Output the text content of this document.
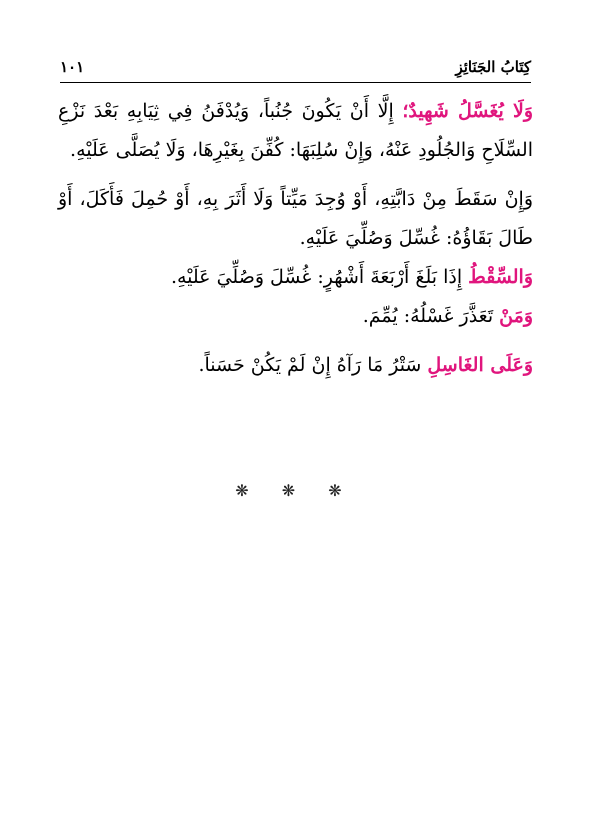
كِتَابُ الجَنَائِزِ
١٠١

وَلَا يُغَسَّلُ شَهِيدٌ؛ إِلَّا أَنْ يَكُونَ جُنُباً، وَيُدْفَنُ فِي ثِيَابِهِ بَعْدَ نَزْعِ السِّلَاحِ وَالجُلُودِ عَنْهُ، وَإِنْ سُلِبَهَا: كُفِّنَ بِغَيْرِهَا، وَلَا يُصَلَّى عَلَيْهِ.

وَإِنْ سَقَطَ مِنْ دَابَّتِهِ، أَوْ وُجِدَ مَيِّتاً وَلَا أَثَرَ بِهِ، أَوْ حُمِلَ فَأَكَلَ، أَوْ طَالَ بَقَاؤُهُ: غُسِّلَ وَصُلِّيَ عَلَيْهِ.

وَالسِّقْطُ إِذَا بَلَغَ أَرْبَعَةَ أَشْهُرٍ: غُسِّلَ وَصُلِّيَ عَلَيْهِ.

وَمَنْ تَعَذَّرَ غَسْلُهُ: يُمِّمَ.

وَعَلَى الغَاسِلِ سَتْرُ مَا رَآهُ إِنْ لَمْ يَكُنْ حَسَناً.

❋ ❋ ❋
